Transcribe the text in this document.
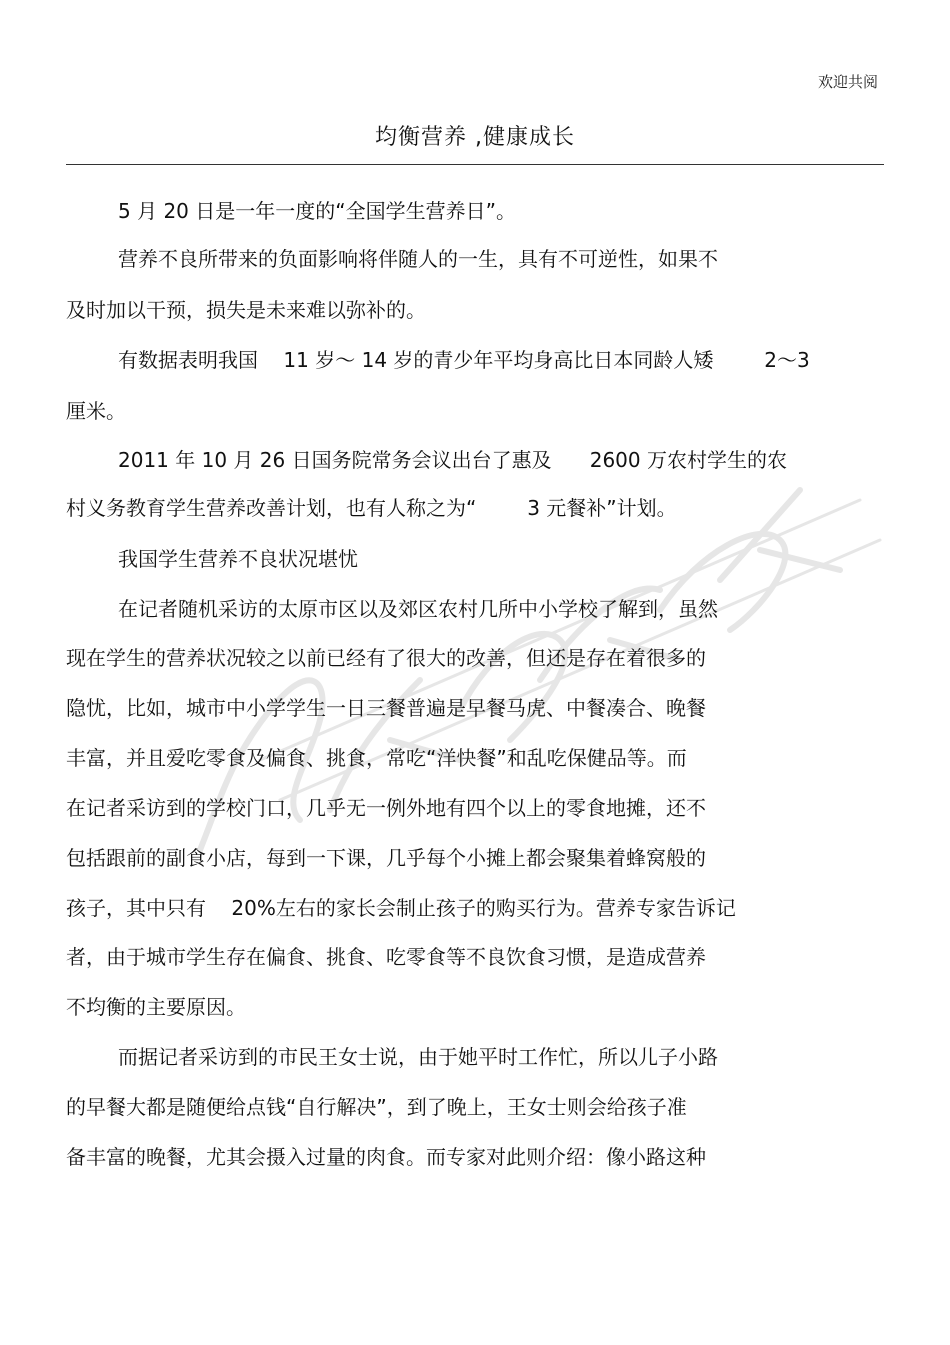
欢迎共阅
均衡营养 ,健康成长
5 月 20 日是一年一度的“全国学生营养日”。
营养不良所带来的负面影响将伴随人的一生，具有不可逆性，如果不
及时加以干预，损失是未来难以弥补的。
有数据表明我国    11 岁～ 14 岁的青少年平均身高比日本同龄人矮        2～3
厘米。
2011 年 10 月 26 日国务院常务会议出台了惠及      2600 万农村学生的农
村义务教育学生营养改善计划，也有人称之为“        3 元餐补”计划。
我国学生营养不良状况堪忧
在记者随机采访的太原市区以及郊区农村几所中小学校了解到，虽然
现在学生的营养状况较之以前已经有了很大的改善，但还是存在着很多的
隐忧，比如，城市中小学学生一日三餐普遍是早餐马虎、中餐凑合、晚餐
丰富，并且爱吃零食及偏食、挑食，常吃“洋快餐”和乱吃保健品等。而
在记者采访到的学校门口，几乎无一例外地有四个以上的零食地摊，还不
包括跟前的副食小店，每到一下课，几乎每个小摊上都会聚集着蜂窝般的
孩子，其中只有    20%左右的家长会制止孩子的购买行为。营养专家告诉记
者，由于城市学生存在偏食、挑食、吃零食等不良饮食习惯，是造成营养
不均衡的主要原因。
而据记者采访到的市民王女士说，由于她平时工作忙，所以儿子小路
的早餐大都是随便给点钱“自行解决”，到了晚上，王女士则会给孩子准
备丰富的晚餐，尤其会摄入过量的肉食。而专家对此则介绍：像小路这种
